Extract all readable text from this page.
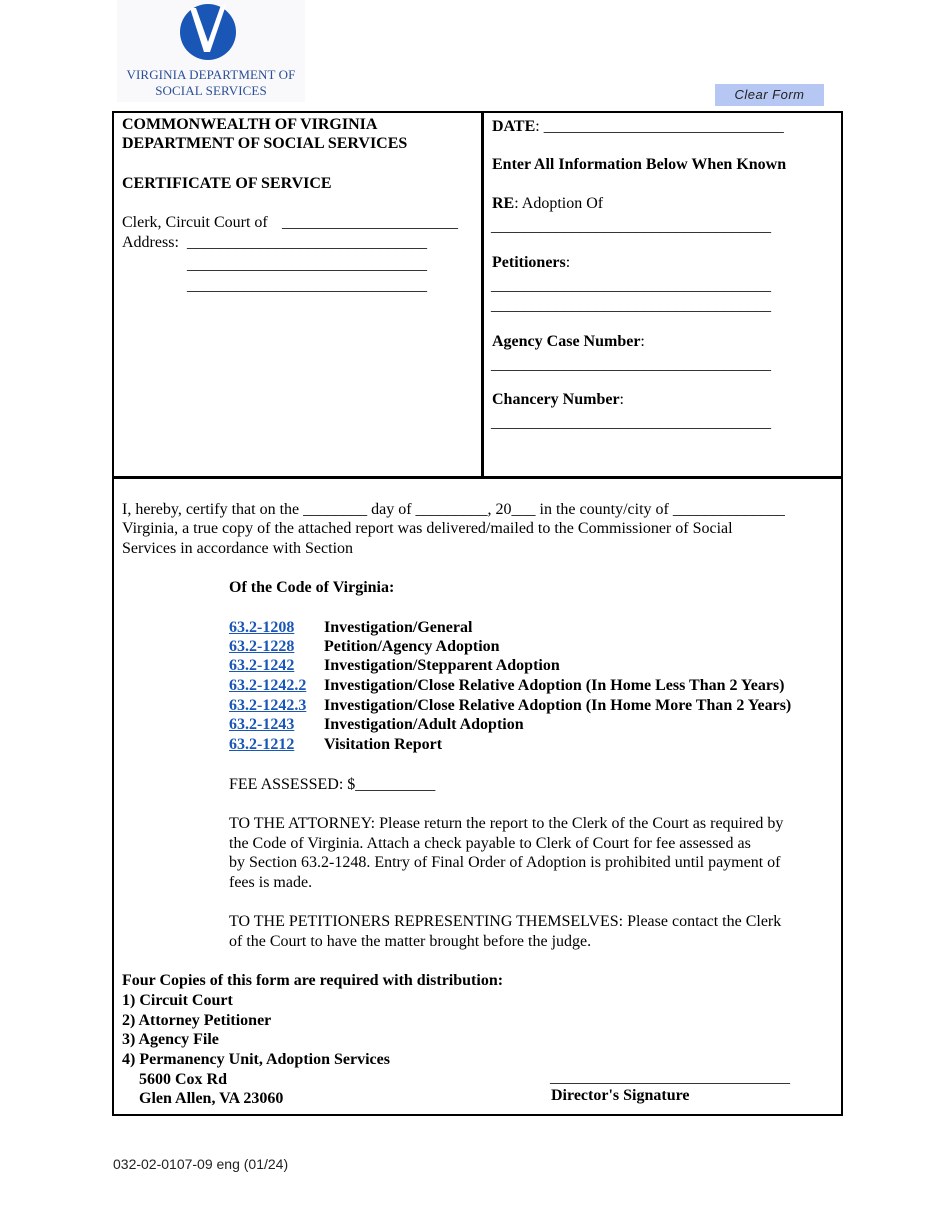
VIRGINIA DEPARTMENT OF
SOCIAL SERVICES	Clear Form
COMMONWEALTH OF VIRGINIA
DEPARTMENT OF SOCIAL SERVICES
CERTIFICATE OF SERVICE
Clerk, Circuit Court of ______________________
Address: ______________________________
______________________________
______________________________
DATE: ______________________________
Enter All Information Below When Known
RE: Adoption Of
___________________________________
Petitioners:
___________________________________
___________________________________
Agency Case Number:
___________________________________
Chancery Number:
___________________________________
I, hereby, certify that on the ________ day of _________, 20___ in the county/city of ______________
Virginia, a true copy of the attached report was delivered/mailed to the Commissioner of Social
Services in accordance with Section
Of the Code of Virginia:
63.2-1208 Investigation/General
63.2-1228 Petition/Agency Adoption
63.2-1242 Investigation/Stepparent Adoption
63.2-1242.2 Investigation/Close Relative Adoption (In Home Less Than 2 Years)
63.2-1242.3 Investigation/Close Relative Adoption (In Home More Than 2 Years)
63.2-1243 Investigation/Adult Adoption
63.2-1212 Visitation Report
FEE ASSESSED: $__________
TO THE ATTORNEY: Please return the report to the Clerk of the Court as required by
the Code of Virginia. Attach a check payable to Clerk of Court for fee assessed as
by Section 63.2-1248. Entry of Final Order of Adoption is prohibited until payment of
fees is made.
TO THE PETITIONERS REPRESENTING THEMSELVES: Please contact the Clerk
of the Court to have the matter brought before the judge.
Four Copies of this form are required with distribution:
1) Circuit Court
2) Attorney Petitioner
3) Agency File
4) Permanency Unit, Adoption Services
5600 Cox Rd
Glen Allen, VA 23060
______________________________
Director's Signature
032-02-0107-09 eng (01/24)
